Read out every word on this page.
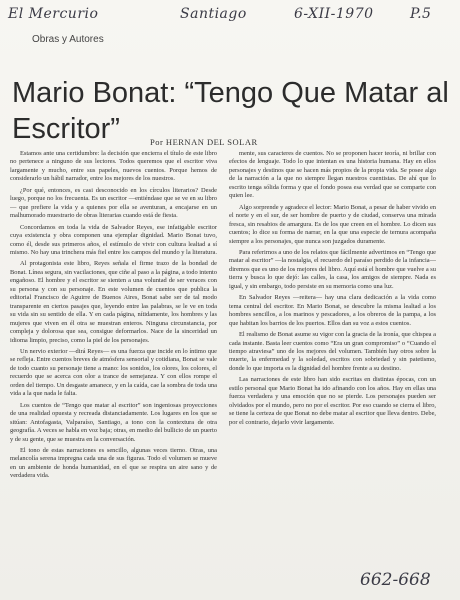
El Mercurio	Santiago	6-XII-1970	P.5
Obras y Autores
Mario Bonat: “Tengo Que Matar al Escritor”	Por HERNAN DEL SOLAR

Estamos ante una certidumbre: la decisión que encierra el título de este libro no pertenece a ninguno de sus lectores. Todos queremos que el escritor viva largamente y mucho, entre sus papeles, nuevos cuentos. Porque hemos de considerarlo un hábil narrador, entre los mejores de los nuestros.

¿Por qué, entonces, es casi desconocido en los círculos literarios? Desde luego, porque no los frecuenta. Es un escritor —entiéndase que se ve en su libro— que prefiere la vida y a quienes por ella se aventuran, a encajarse en un malhumorado muestrario de obras literarias cuando está de fiesta.

Concordamos en toda la vida de Salvador Reyes, ese infatigable escritor cuya existencia y obra componen una ejemplar dignidad. Mario Bonat tuvo, como él, desde sus primeros años, el estímulo de vivir con cultura lealtad a sí mismo. No hay una trinchera más fiel entre los campos del mundo y la literatura.

Al protagonista este libro, Reyes señala el firme trazo de la bondad de Bonat. Línea segura, sin vacilaciones, que ciñe al paso a la página, a todo intento engañoso. El hombre y el escritor se sienten a una voluntad de ser veraces con su persona y con su personaje. En este volumen de cuentos que publica la editorial Francisco de Aguirre de Buenos Aires, Bonat sabe ser de tal modo transparente en ciertos pasajes que, leyendo entre las palabras, se le ve en toda su vida sin su sentido de ella. Y en cada página, nítidamente, los hombres y las mujeres que viven en él otra se muestran enteros. Ninguna circunstancia, por compleja y dolorosa que sea, consigue deformarlos. Nace de la sinceridad un idioma limpio, preciso, como la piel de los personajes.

Un nervio exterior —dirá Reyes— es una fuerza que incide en lo íntimo que se refleja. Entre cuentos breves de atmósfera sensorial y cotidiana, Bonat se vale de todo cuanto su personaje tiene a mano: los sonidos, los olores, los colores, el recuerdo que se acerca con olor a trance de semejanza. Y con ellos rompe el orden del tiempo. Un desgaste amanece, y en la caída, cae la sombra de toda una vida a la que nada le falta.

Los cuentos de “Tengo que matar al escritor” son ingeniosas proyecciones de una realidad opuesta y recreada distanciadamente. Los lugares en los que se sitúan: Antofagasta, Valparaíso, Santiago, a tono con la contextura de otra geografía. A veces se habla en voz baja; otras, en medio del bullicio de un puerto y de su gente, que se muestra en la conversación.

El tono de estas narraciones es sencillo, algunas veces tierno. Otras, una melancolía serena impregna cada una de sus figuras. Todo el volumen se mueve en un ambiente de honda humanidad, en el que se respira un aire sano y de verdadera vida.

mente, sus caracteres de cuentos. No se proponen hacer teoría, ni brillar con efectos de lenguaje. Todo lo que intentan es una historia humana. Hay en ellos personajes y destinos que se hacen más propios de la propia vida. Se posee algo de la narración a la que no siempre llegan nuestros cuentistas. De ahí que lo escrito tenga sólida forma y que el fondo posea esa verdad que se comparte con quien lee.

Algo sorprende y agradece el lector: Mario Bonat, a pesar de haber vivido en el norte y en el sur, de ser hombre de puerto y de ciudad, conserva una mirada fresca, sin resabios de amargura. Es de los que creen en el hombre. Lo dicen sus cuentos; lo dice su forma de narrar, en la que una especie de ternura acompaña siempre a los personajes, que nunca son juzgados duramente.

Para referirnos a uno de los relatos que fácilmente advertimos en “Tengo que matar al escritor” —la nostalgia, el recuerdo del paraíso perdido de la infancia— diremos que es uno de los mejores del libro. Aquí está el hombre que vuelve a su tierra y busca lo que dejó: las calles, la casa, los amigos de siempre. Nada es igual, y sin embargo, todo persiste en su memoria como una luz.

En Salvador Reyes —reitera— hay una clara dedicación a la vida como tema central del escritor. En Mario Bonat, se descubre la misma lealtad a los hombres sencillos, a los marinos y pescadores, a los obreros de la pampa, a los que habitan los barrios de los puertos. Ellos dan su voz a estos cuentos.

El realismo de Bonat asume su vigor con la gracia de la ironía, que chispea a cada instante. Basta leer cuentos como “Era un gran compromiso” o “Cuando el tiempo atraviesa” uno de los mejores del volumen. También hay otros sobre la muerte, la enfermedad y la soledad, escritos con sobriedad y sin patetismo, donde lo que importa es la dignidad del hombre frente a su destino.

Las narraciones de este libro han sido escritas en distintas épocas, con un estilo personal que Mario Bonat ha ido afinando con los años. Hay en ellas una fuerza verdadera y una emoción que no se pierde. Los personajes pueden ser olvidados por el mundo, pero no por el escritor. Por eso cuando se cierra el libro, se tiene la certeza de que Bonat no debe matar al escritor que lleva dentro. Debe, por el contrario, dejarlo vivir largamente.

662-668
